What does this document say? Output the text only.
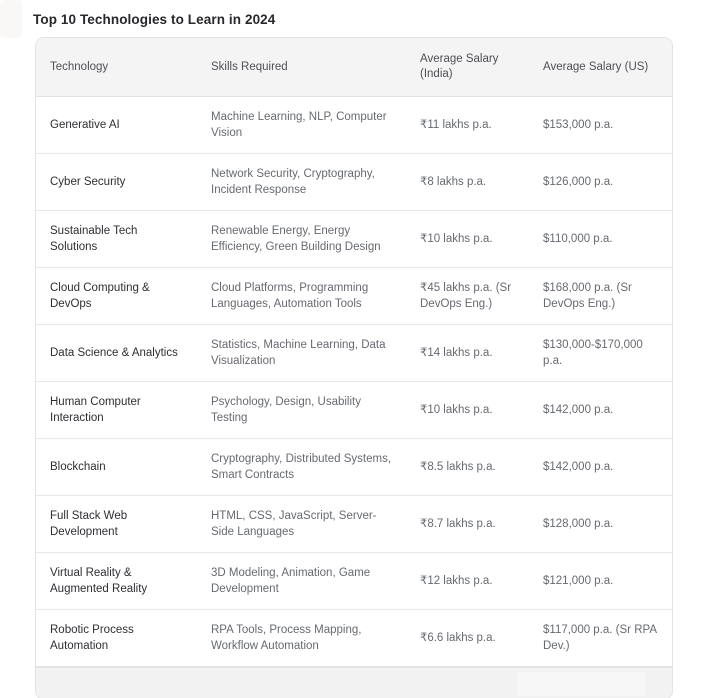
Top 10 Technologies to Learn in 2024
Technology	Skills Required	Average Salary (India)	Average Salary (US)
Generative AI	Machine Learning, NLP, Computer Vision	₹11 lakhs p.a.	$153,000 p.a.
Cyber Security	Network Security, Cryptography, Incident Response	₹8 lakhs p.a.	$126,000 p.a.
Sustainable Tech Solutions	Renewable Energy, Energy Efficiency, Green Building Design	₹10 lakhs p.a.	$110,000 p.a.
Cloud Computing & DevOps	Cloud Platforms, Programming Languages, Automation Tools	₹45 lakhs p.a. (Sr DevOps Eng.)	$168,000 p.a. (Sr DevOps Eng.)
Data Science & Analytics	Statistics, Machine Learning, Data Visualization	₹14 lakhs p.a.	$130,000-$170,000 p.a.
Human Computer Interaction	Psychology, Design, Usability Testing	₹10 lakhs p.a.	$142,000 p.a.
Blockchain	Cryptography, Distributed Systems, Smart Contracts	₹8.5 lakhs p.a.	$142,000 p.a.
Full Stack Web Development	HTML, CSS, JavaScript, Server-Side Languages	₹8.7 lakhs p.a.	$128,000 p.a.
Virtual Reality & Augmented Reality	3D Modeling, Animation, Game Development	₹12 lakhs p.a.	$121,000 p.a.
Robotic Process Automation	RPA Tools, Process Mapping, Workflow Automation	₹6.6 lakhs p.a.	$117,000 p.a. (Sr RPA Dev.)
